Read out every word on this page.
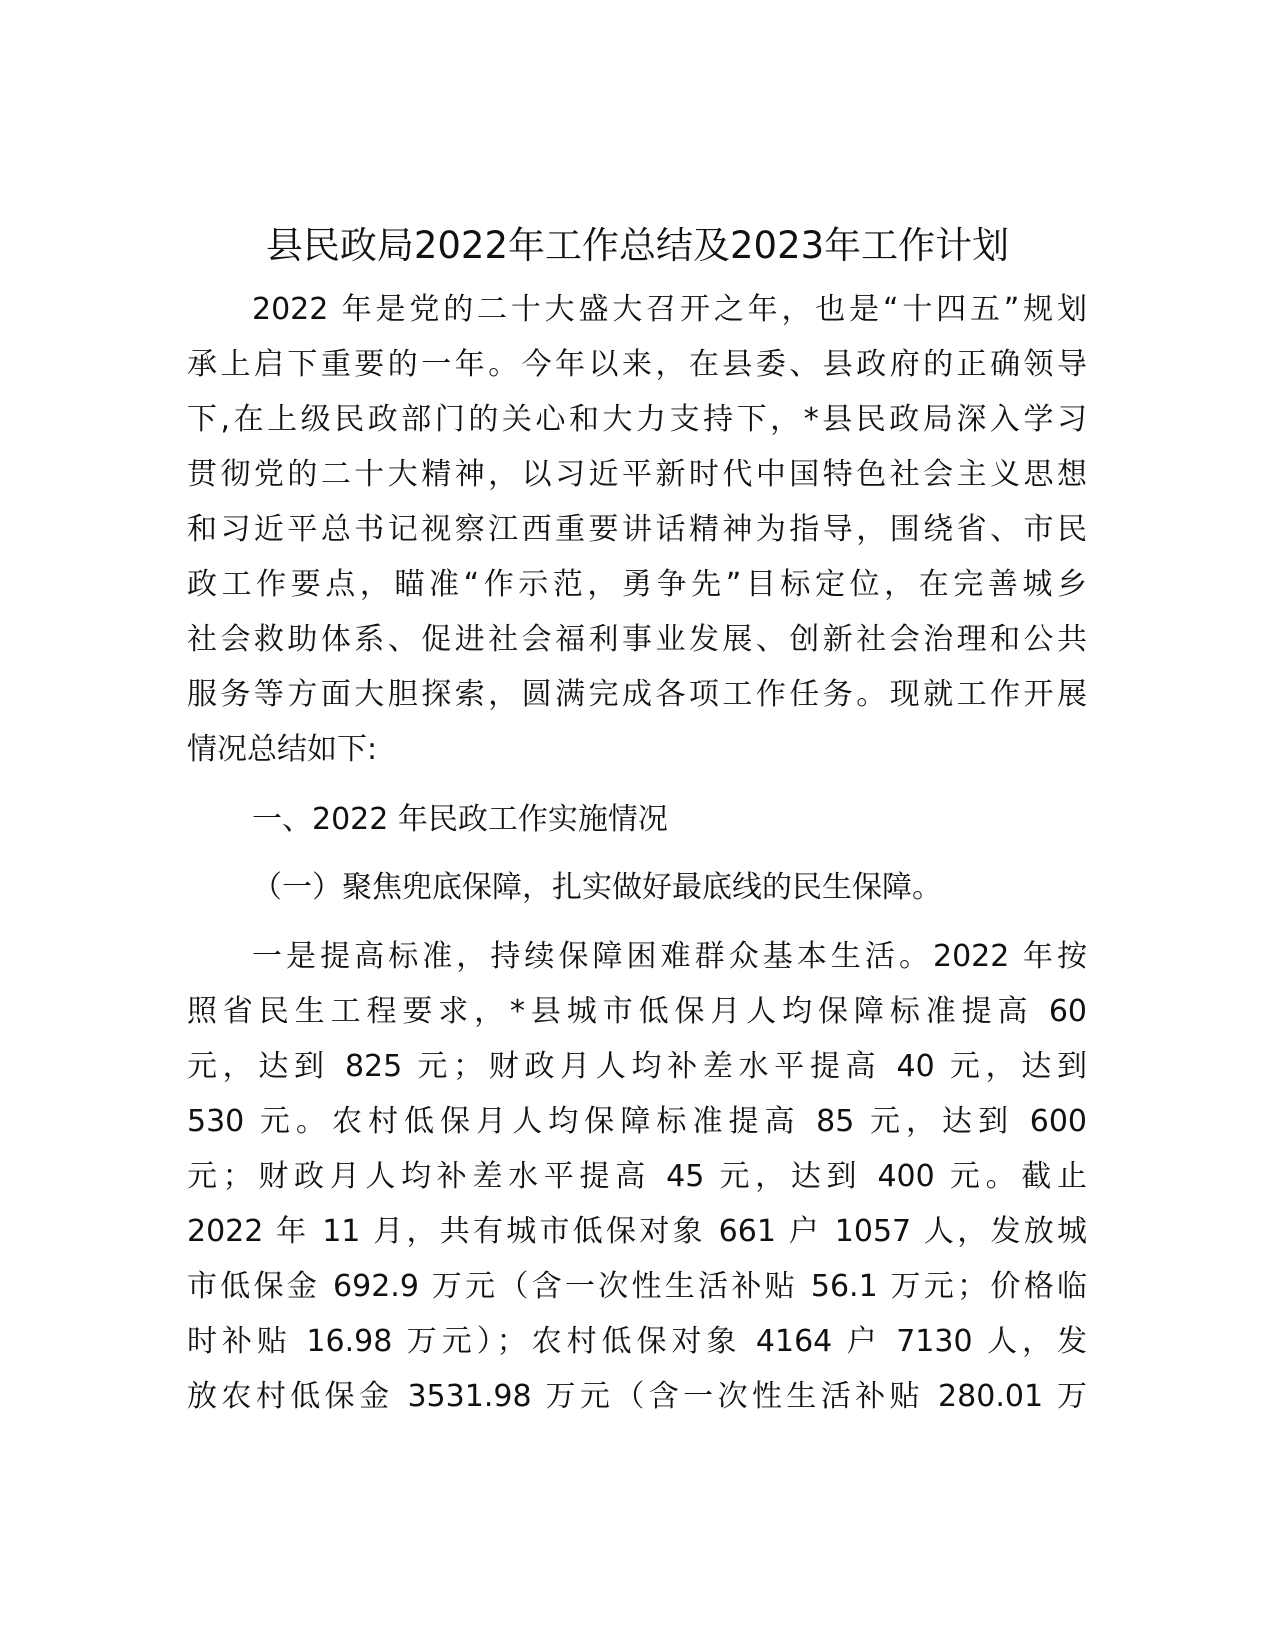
县民政局2022年工作总结及2023年工作计划
2022 年是党的二十大盛大召开之年，也是“十四五”规划
承上启下重要的一年。今年以来，在县委、县政府的正确领导
下,在上级民政部门的关心和大力支持下，*县民政局深入学习
贯彻党的二十大精神，以习近平新时代中国特色社会主义思想
和习近平总书记视察江西重要讲话精神为指导，围绕省、市民
政工作要点，瞄准“作示范，勇争先”目标定位，在完善城乡
社会救助体系、促进社会福利事业发展、创新社会治理和公共
服务等方面大胆探索，圆满完成各项工作任务。现就工作开展
情况总结如下:
一、2022 年民政工作实施情况
（一）聚焦兜底保障，扎实做好最底线的民生保障。
一是提高标准，持续保障困难群众基本生活。2022 年按
照省民生工程要求，*县城市低保月人均保障标准提高 60
元，达到 825 元；财政月人均补差水平提高 40 元，达到
530 元。农村低保月人均保障标准提高 85 元，达到 600
元；财政月人均补差水平提高 45 元，达到 400 元。截止
2022 年 11 月，共有城市低保对象 661 户 1057 人，发放城
市低保金 692.9 万元（含一次性生活补贴 56.1 万元；价格临
时补贴 16.98 万元）；农村低保对象 4164 户 7130 人，发
放农村低保金 3531.98 万元（含一次性生活补贴 280.01 万
